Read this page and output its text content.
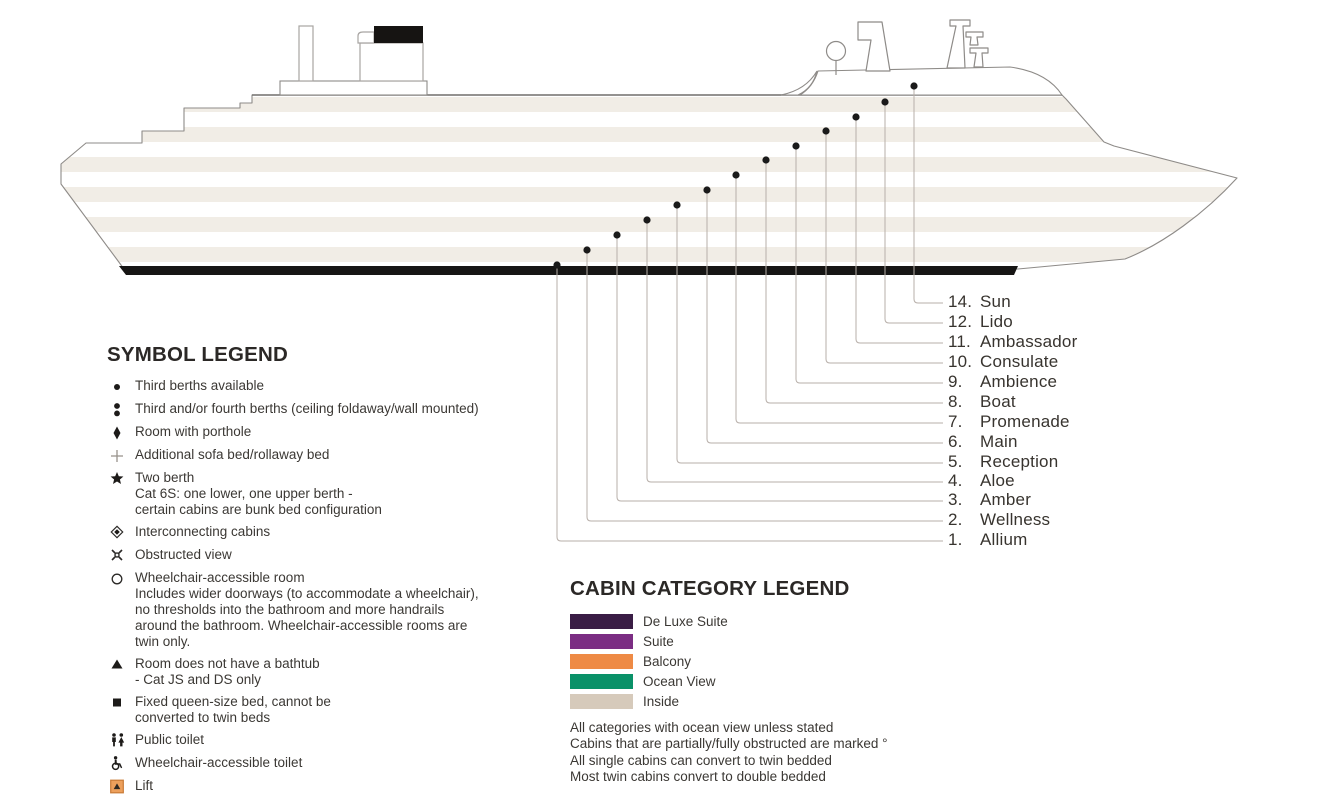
14. Sun
12. Lido
11. Ambassador
10. Consulate
9.	Ambience
8.	Boat
7.	Promenade
6.	Main
5.	Reception
4.	Aloe
3.	Amber
2.	Wellness
1.	Allium
SYMBOL LEGEND
Third berths available
Third and/or fourth berths (ceiling foldaway/wall mounted)
Room with porthole
Additional sofa bed/rollaway bed
Two berth
Cat 6S: one lower, one upper berth -
certain cabins are bunk bed configuration
Interconnecting cabins
Obstructed view
Wheelchair-accessible room
Includes wider doorways (to accommodate a wheelchair),
no thresholds into the bathroom and more handrails
around the bathroom. Wheelchair-accessible rooms are
twin only.
Room does not have a bathtub
- Cat JS and DS only
Fixed queen-size bed, cannot be
converted to twin beds
Public toilet
Wheelchair-accessible toilet
Lift
CABIN CATEGORY LEGEND
De Luxe Suite
Suite
Balcony
Ocean View
Inside
All categories with ocean view unless stated
Cabins that are partially/fully obstructed are marked °
All single cabins can convert to twin bedded
Most twin cabins convert to double bedded
